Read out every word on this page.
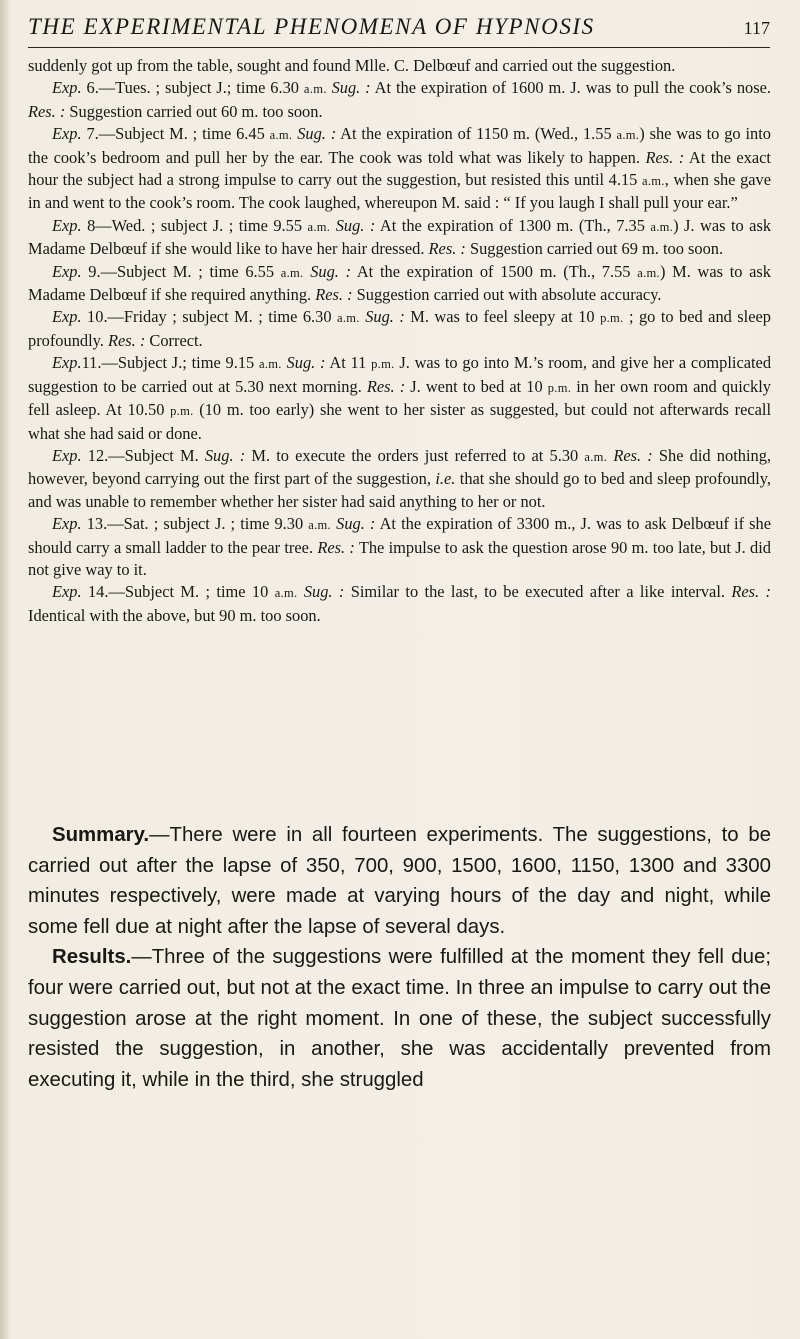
THE EXPERIMENTAL PHENOMENA OF HYPNOSIS	117

suddenly got up from the table, sought and found Mlle. C. Delbœuf and carried out the suggestion.

Exp. 6.—Tues. ; subject J.; time 6.30 a.m. Sug. : At the expiration of 1600 m. J. was to pull the cook’s nose. Res. : Suggestion carried out 60 m. too soon.

Exp. 7.—Subject M. ; time 6.45 a.m. Sug. : At the expiration of 1150 m. (Wed., 1.55 a.m.) she was to go into the cook’s bedroom and pull her by the ear. The cook was told what was likely to happen. Res. : At the exact hour the subject had a strong impulse to carry out the suggestion, but resisted this until 4.15 a.m., when she gave in and went to the cook’s room. The cook laughed, whereupon M. said : “ If you laugh I shall pull your ear.”

Exp. 8—Wed. ; subject J. ; time 9.55 a.m. Sug. : At the expiration of 1300 m. (Th., 7.35 a.m.) J. was to ask Madame Delbœuf if she would like to have her hair dressed. Res. : Suggestion carried out 69 m. too soon.

Exp. 9.—Subject M. ; time 6.55 a.m. Sug. : At the expiration of 1500 m. (Th., 7.55 a.m.) M. was to ask Madame Delbœuf if she required anything. Res. : Suggestion carried out with absolute accuracy.

Exp. 10.—Friday ; subject M. ; time 6.30 a.m. Sug. : M. was to feel sleepy at 10 p.m. ; go to bed and sleep profoundly. Res. : Correct.

Exp.11.—Subject J.; time 9.15 a.m. Sug. : At 11 p.m. J. was to go into M.’s room, and give her a complicated suggestion to be carried out at 5.30 next morning. Res. : J. went to bed at 10 p.m. in her own room and quickly fell asleep. At 10.50 p.m. (10 m. too early) she went to her sister as suggested, but could not afterwards recall what she had said or done.

Exp. 12.—Subject M. Sug. : M. to execute the orders just referred to at 5.30 a.m. Res. : She did nothing, however, beyond carrying out the first part of the suggestion, i.e. that she should go to bed and sleep profoundly, and was unable to remember whether her sister had said anything to her or not.

Exp. 13.—Sat. ; subject J. ; time 9.30 a.m. Sug. : At the expiration of 3300 m., J. was to ask Delbœuf if she should carry a small ladder to the pear tree. Res. : The impulse to ask the question arose 90 m. too late, but J. did not give way to it.

Exp. 14.—Subject M. ; time 10 a.m. Sug. : Similar to the last, to be executed after a like interval. Res. : Identical with the above, but 90 m. too soon.

Summary.—There were in all fourteen experiments. The suggestions, to be carried out after the lapse of 350, 700, 900, 1500, 1600, 1150, 1300 and 3300 minutes respectively, were made at varying hours of the day and night, while some fell due at night after the lapse of several days.

Results.—Three of the suggestions were fulfilled at the moment they fell due; four were carried out, but not at the exact time. In three an impulse to carry out the suggestion arose at the right moment. In one of these, the subject successfully resisted the suggestion, in another, she was accidentally prevented from executing it, while in the third, she struggled
